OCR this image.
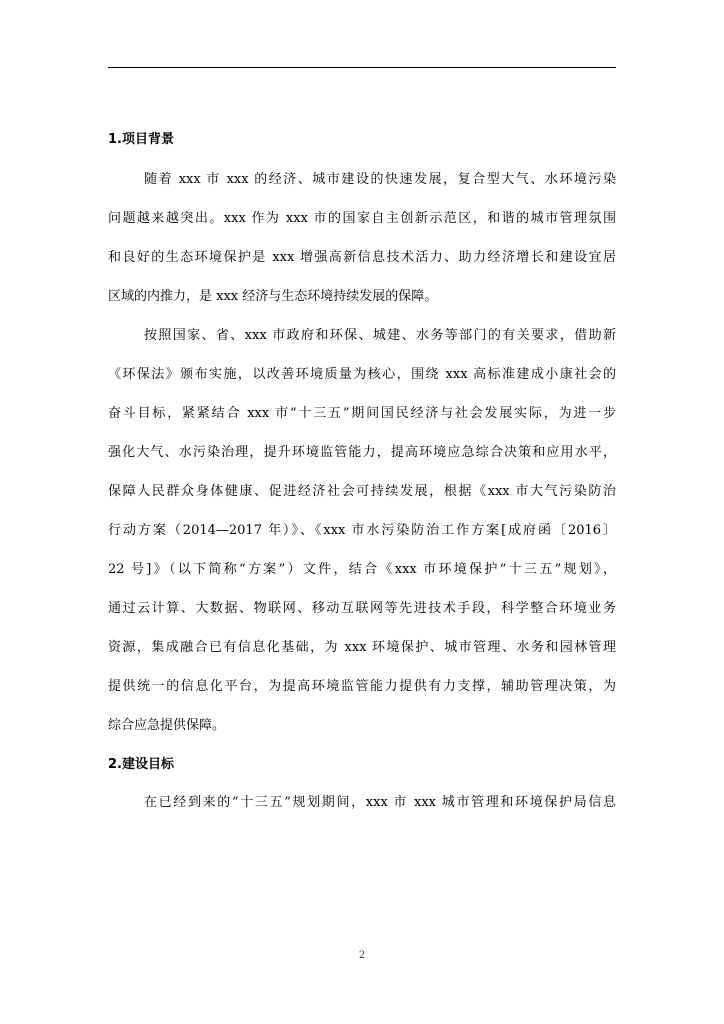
1.项目背景
随着 xxx 市 xxx 的经济、城市建设的快速发展，复合型大气、水环境污染
问题越来越突出。xxx 作为 xxx 市的国家自主创新示范区，和谐的城市管理氛围
和良好的生态环境保护是 xxx 增强高新信息技术活力、助力经济增长和建设宜居
区域的内推力，是 xxx 经济与生态环境持续发展的保障。
按照国家、省、xxx 市政府和环保、城建、水务等部门的有关要求，借助新
《环保法》颁布实施，以改善环境质量为核心，围绕 xxx 高标准建成小康社会的
奋斗目标，紧紧结合 xxx 市“十三五”期间国民经济与社会发展实际，为进一步
强化大气、水污染治理，提升环境监管能力，提高环境应急综合决策和应用水平，
保障人民群众身体健康、促进经济社会可持续发展，根据《xxx 市大气污染防治
行动方案（2014—2017 年）》、《xxx 市水污染防治工作方案[成府函〔2016〕
22 号]》（以下简称“方案”）文件，结合《xxx 市环境保护“十三五”规划》，
通过云计算、大数据、物联网、移动互联网等先进技术手段，科学整合环境业务
资源，集成融合已有信息化基础，为 xxx 环境保护、城市管理、水务和园林管理
提供统一的信息化平台，为提高环境监管能力提供有力支撑，辅助管理决策，为
综合应急提供保障。
2.建设目标
在已经到来的“十三五”规划期间，xxx 市 xxx 城市管理和环境保护局信息
2
